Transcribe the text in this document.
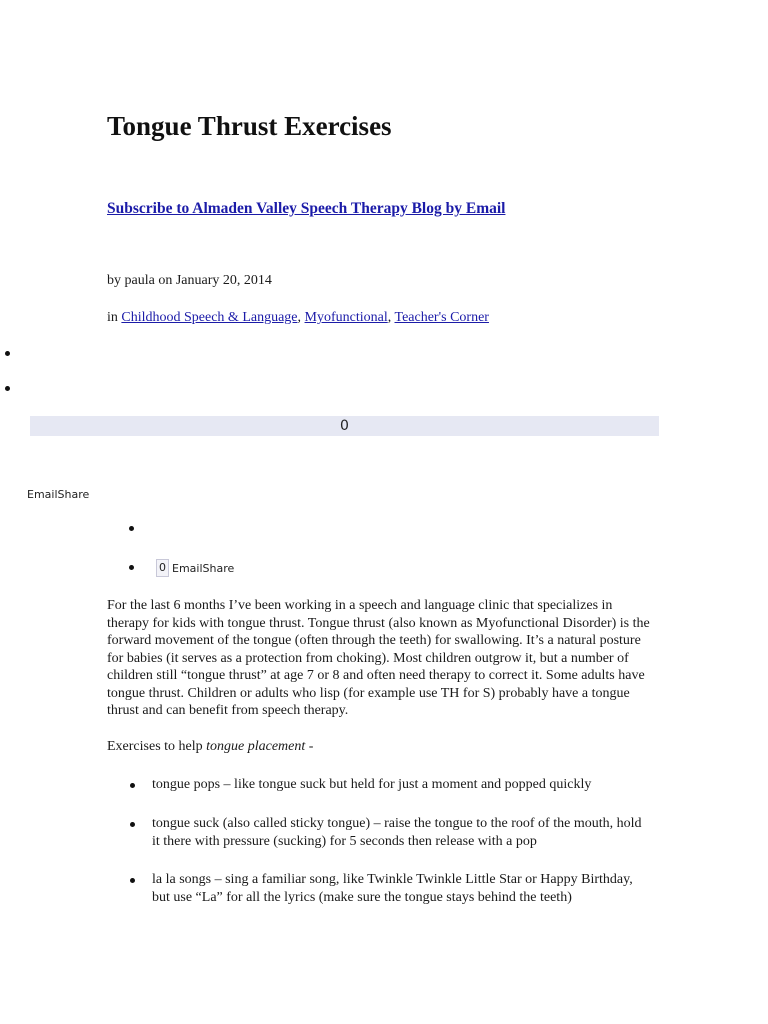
Tongue Thrust Exercises
Subscribe to Almaden Valley Speech Therapy Blog by Email
by paula on January 20, 2014
in Childhood Speech & Language, Myofunctional, Teacher's Corner
0
EmailShare
0 EmailShare

For the last 6 months I’ve been working in a speech and language clinic that specializes in therapy for kids with tongue thrust. Tongue thrust (also known as Myofunctional Disorder) is the forward movement of the tongue (often through the teeth) for swallowing. It’s a natural posture for babies (it serves as a protection from choking). Most children outgrow it, but a number of children still “tongue thrust” at age 7 or 8 and often need therapy to correct it. Some adults have tongue thrust. Children or adults who lisp (for example use TH for S) probably have a tongue thrust and can benefit from speech therapy.

Exercises to help tongue placement -
tongue pops – like tongue suck but held for just a moment and popped quickly
tongue suck (also called sticky tongue) – raise the tongue to the roof of the mouth, hold it there with pressure (sucking) for 5 seconds then release with a pop
la la songs – sing a familiar song, like Twinkle Twinkle Little Star or Happy Birthday, but use “La” for all the lyrics (make sure the tongue stays behind the teeth)
